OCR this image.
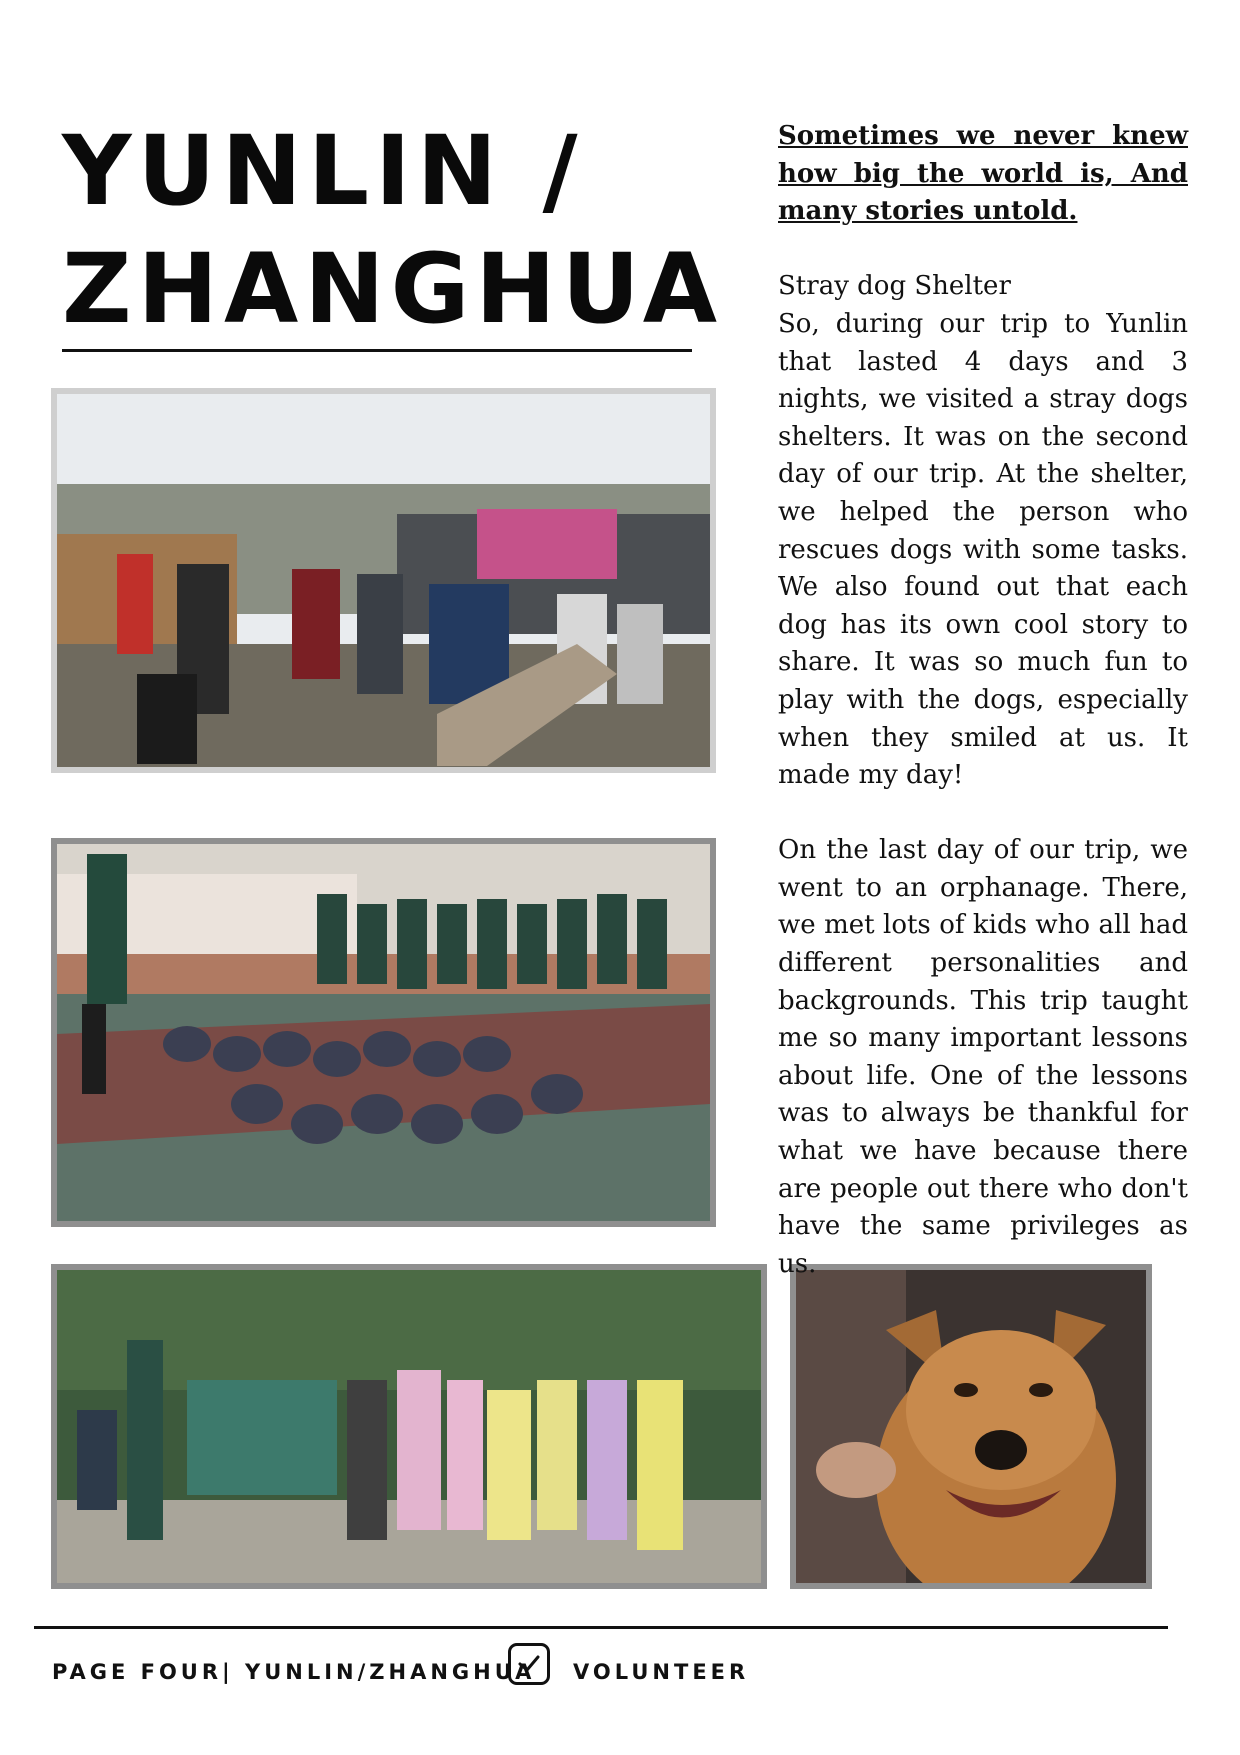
YUNLIN /
ZHANGHUA

Sometimes we never knew how big the world is, And many stories untold.

Stray dog Shelter

So, during our trip to Yunlin that lasted 4 days and 3 nights, we visited a stray dogs shelters. It was on the second day of our trip. At the shelter, we helped the person who rescues dogs with some tasks. We also found out that each dog has its own cool story to share. It was so much fun to play with the dogs, especially when they smiled at us. It made my day!

On the last day of our trip, we went to an orphanage. There, we met lots of kids who all had different personalities and backgrounds. This trip taught me so many important lessons about life. One of the lessons was to always be thankful for what we have because there are people out there who don't have the same privileges as us.

PAGE FOUR| YUNLIN/ZHANGHUA VOLUNTEER
